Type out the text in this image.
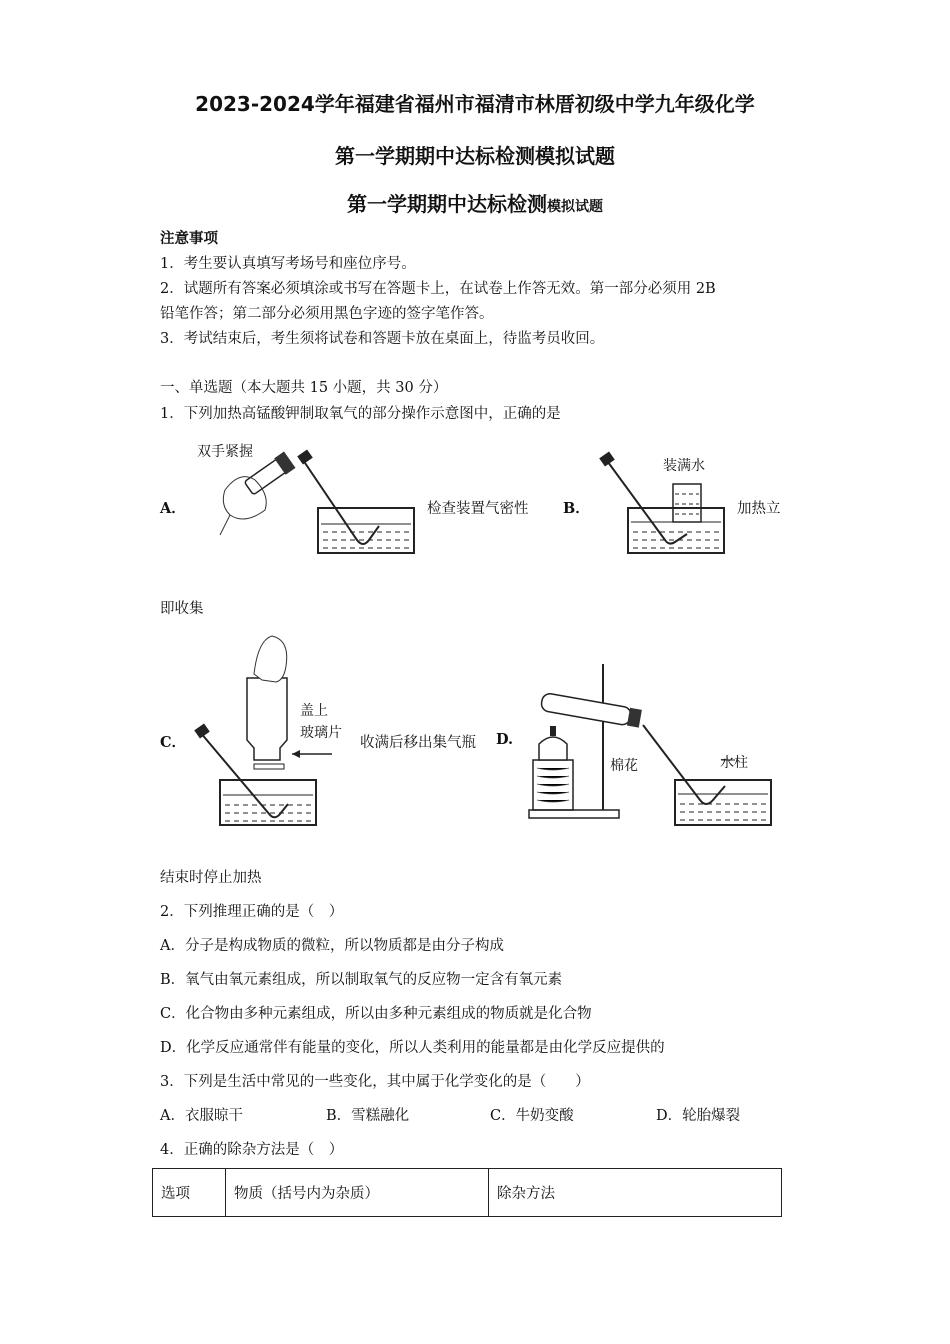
2023-2024学年福建省福州市福清市林厝初级中学九年级化学
第一学期期中达标检测模拟试题
第一学期期中达标检测模拟试题
注意事项
1．考生要认真填写考场号和座位序号。
2．试题所有答案必须填涂或书写在答题卡上，在试卷上作答无效。第一部分必须用 2B
铅笔作答；第二部分必须用黑色字迹的签字笔作答。
3．考试结束后，考生须将试卷和答题卡放在桌面上，待监考员收回。
一、单选题（本大题共 15 小题，共 30 分）
1．下列加热高锰酸钾制取氧气的部分操作示意图中，正确的是
A．
双手紧握
检查装置气密性 B．
装满水
加热立
即收集
C．
盖上
玻璃片
收满后移出集气瓶 D.
棉花	水柱
结束时停止加热
2．下列推理正确的是（　）
A．分子是构成物质的微粒，所以物质都是由分子构成
B．氧气由氧元素组成，所以制取氧气的反应物一定含有氧元素
C．化合物由多种元素组成，所以由多种元素组成的物质就是化合物
D．化学反应通常伴有能量的变化，所以人类利用的能量都是由化学反应提供的
3．下列是生活中常见的一些变化，其中属于化学变化的是（　　）
A．衣服晾干	B．雪糕融化	C．牛奶变酸	D．轮胎爆裂
4．正确的除杂方法是（　）
选项	物质（括号内为杂质）	除杂方法
